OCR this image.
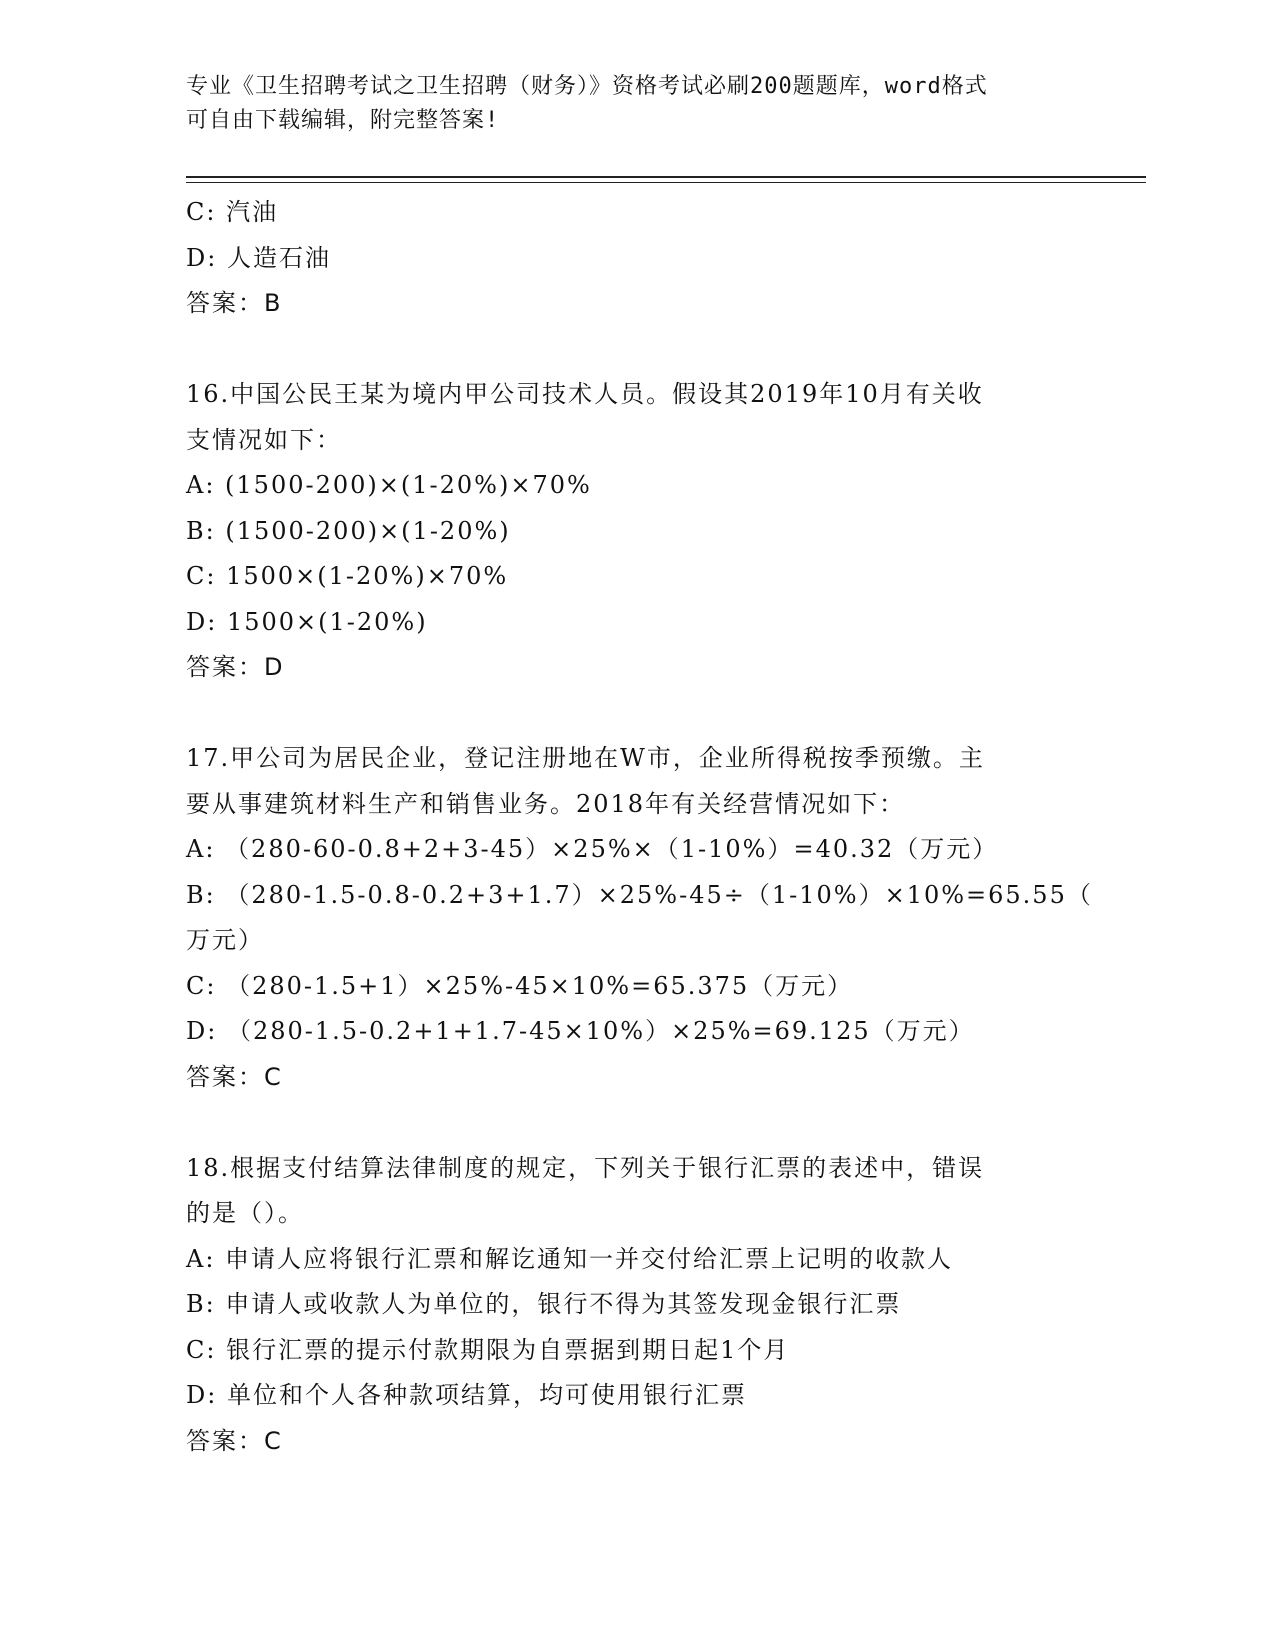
专业《卫生招聘考试之卫生招聘（财务）》资格考试必刷200题题库，word格式
可自由下载编辑，附完整答案!
C: 汽油
D: 人造石油
答案：B
16.中国公民王某为境内甲公司技术人员。假设其2019年10月有关收
支情况如下：
A: (1500-200)×(1-20%)×70%
B: (1500-200)×(1-20%)
C: 1500×(1-20%)×70%
D: 1500×(1-20%)
答案：D
17.甲公司为居民企业，登记注册地在W市，企业所得税按季预缴。主
要从事建筑材料生产和销售业务。2018年有关经营情况如下：
A: （280-60-0.8+2+3-45）×25%×（1-10%）=40.32（万元）
B: （280-1.5-0.8-0.2+3+1.7）×25%-45÷（1-10%）×10%=65.55（
万元）
C: （280-1.5+1）×25%-45×10%=65.375（万元）
D: （280-1.5-0.2+1+1.7-45×10%）×25%=69.125（万元）
答案：C
18.根据支付结算法律制度的规定，下列关于银行汇票的表述中，错误
的是（）。
A: 申请人应将银行汇票和解讫通知一并交付给汇票上记明的收款人
B: 申请人或收款人为单位的，银行不得为其签发现金银行汇票
C: 银行汇票的提示付款期限为自票据到期日起1个月
D: 单位和个人各种款项结算，均可使用银行汇票
答案：C
